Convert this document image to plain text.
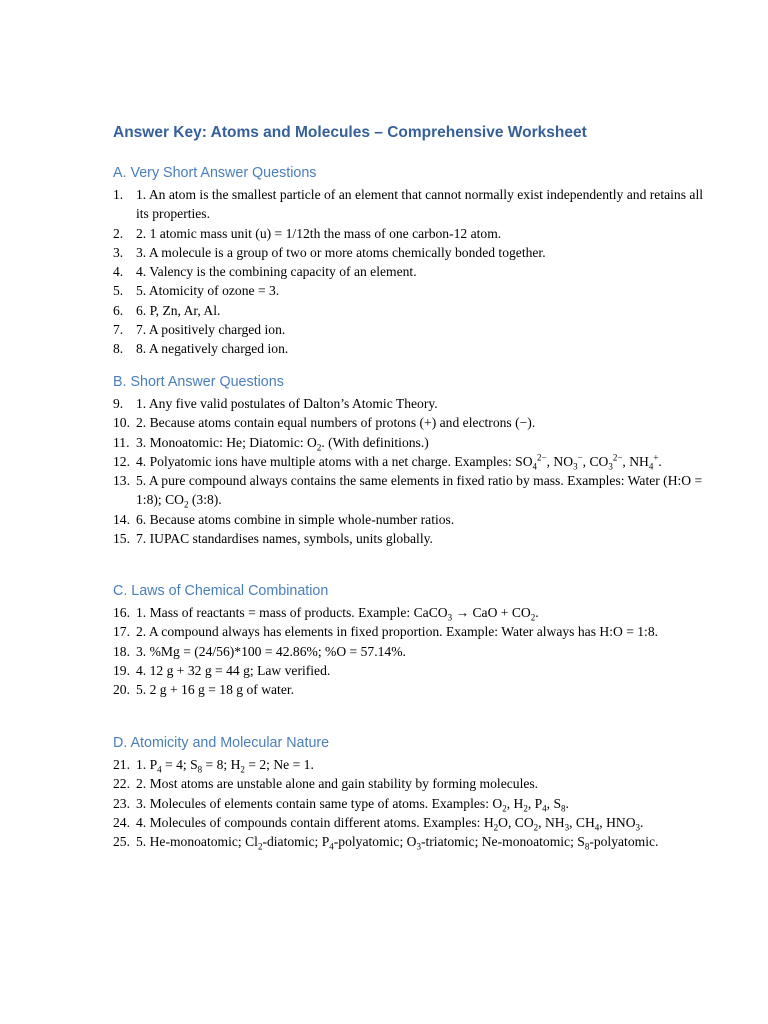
Answer Key: Atoms and Molecules – Comprehensive Worksheet
A. Very Short Answer Questions
1. 1. An atom is the smallest particle of an element that cannot normally exist independently and retains all its properties.
2. 2. 1 atomic mass unit (u) = 1/12th the mass of one carbon-12 atom.
3. 3. A molecule is a group of two or more atoms chemically bonded together.
4. 4. Valency is the combining capacity of an element.
5. 5. Atomicity of ozone = 3.
6. 6. P, Zn, Ar, Al.
7. 7. A positively charged ion.
8. 8. A negatively charged ion.
B. Short Answer Questions
9. 1. Any five valid postulates of Dalton’s Atomic Theory.
10. 2. Because atoms contain equal numbers of protons (+) and electrons (−).
11. 3. Monoatomic: He; Diatomic: $O_2$. (With definitions.)
12. 4. Polyatomic ions have multiple atoms with a net charge. Examples: $SO_4^{2-}$, $NO_3^-$, $CO_3^{2-}$, $NH_4^+$.
13. 5. A pure compound always contains the same elements in fixed ratio by mass. Examples: Water (H:O = 1:8); $CO_2$ (3:8).
14. 6. Because atoms combine in simple whole-number ratios.
15. 7. IUPAC standardises names, symbols, units globally.
C. Laws of Chemical Combination
16. 1. Mass of reactants = mass of products. Example: CaCO$_3$ → CaO + $CO_2$.
17. 2. A compound always has elements in fixed proportion. Example: Water always has H:O = 1:8.
18. 3. %Mg = (24/56)*100 = 42.86%; %O = 57.14%.
19. 4. 12 g + 32 g = 44 g; Law verified.
20. 5. 2 g + 16 g = 18 g of water.
D. Atomicity and Molecular Nature
21. 1. $P_4 = 4$; $S_8 = 8$; $H_2 = 2$; Ne = 1.
22. 2. Most atoms are unstable alone and gain stability by forming molecules.
23. 3. Molecules of elements contain same type of atoms. Examples: $O_2$, $H_2$, $P_4$, $S_8$.
24. 4. Molecules of compounds contain different atoms. Examples: $H_2O$, $CO_2$, $NH_3$, $CH_4$, $HNO_3$.
25. 5. He-monoatomic; $Cl_2$-diatomic; $P_4$-polyatomic; $O_3$-triatomic; Ne-monoatomic; $S_8$-polyatomic.
